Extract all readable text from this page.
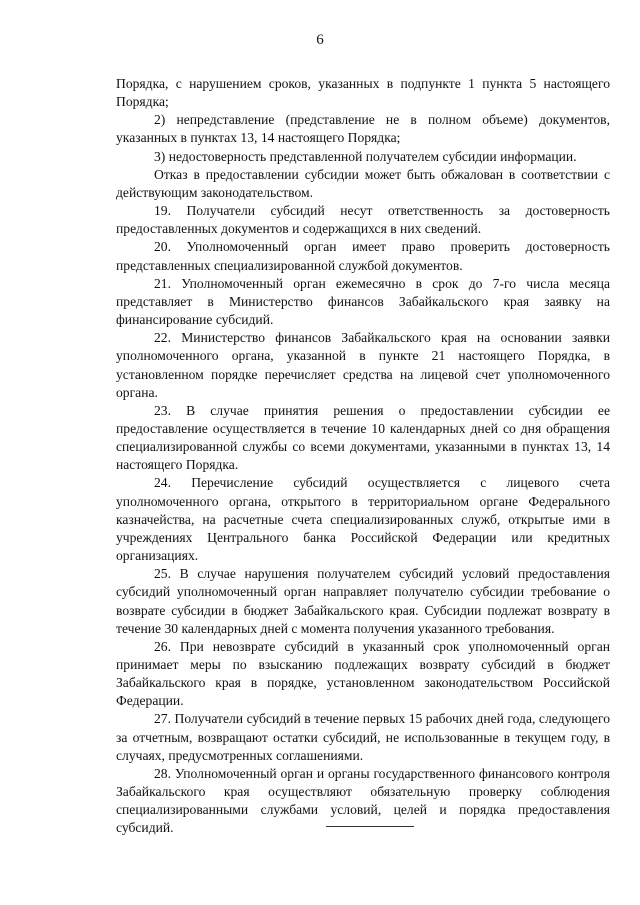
6

Порядка, с нарушением сроков, указанных в подпункте 1 пункта 5 настоящего Порядка;

2) непредставление (представление не в полном объеме) документов, указанных в пунктах 13, 14 настоящего Порядка;

3) недостоверность представленной получателем субсидии информации.

Отказ в предоставлении субсидии может быть обжалован в соответствии с действующим законодательством.

19. Получатели субсидий несут ответственность за достоверность предоставленных документов и содержащихся в них сведений.

20. Уполномоченный орган имеет право проверить достоверность представленных специализированной службой документов.

21. Уполномоченный орган ежемесячно в срок до 7-го числа месяца представляет в Министерство финансов Забайкальского края заявку на финансирование субсидий.

22. Министерство финансов Забайкальского края на основании заявки уполномоченного органа, указанной в пункте 21 настоящего Порядка, в установленном порядке перечисляет средства на лицевой счет уполномоченного органа.

23. В случае принятия решения о предоставлении субсидии ее предоставление осуществляется в течение 10 календарных дней со дня обращения специализированной службы со всеми документами, указанными в пунктах 13, 14 настоящего Порядка.

24. Перечисление субсидий осуществляется с лицевого счета уполномоченного органа, открытого в территориальном органе Федерального казначейства, на расчетные счета специализированных служб, открытые ими в учреждениях Центрального банка Российской Федерации или кредитных организациях.

25. В случае нарушения получателем субсидий условий предоставления субсидий уполномоченный орган направляет получателю субсидии требование о возврате субсидии в бюджет Забайкальского края. Субсидии подлежат возврату в течение 30 календарных дней с момента получения указанного требования.

26. При невозврате субсидий в указанный срок уполномоченный орган принимает меры по взысканию подлежащих возврату субсидий в бюджет Забайкальского края в порядке, установленном законодательством Российской Федерации.

27. Получатели субсидий в течение первых 15 рабочих дней года, следующего за отчетным, возвращают остатки субсидий, не использованные в текущем году, в случаях, предусмотренных соглашениями.

28. Уполномоченный орган и органы государственного финансового контроля Забайкальского края осуществляют обязательную проверку соблюдения специализированными службами условий, целей и порядка предоставления субсидий.
